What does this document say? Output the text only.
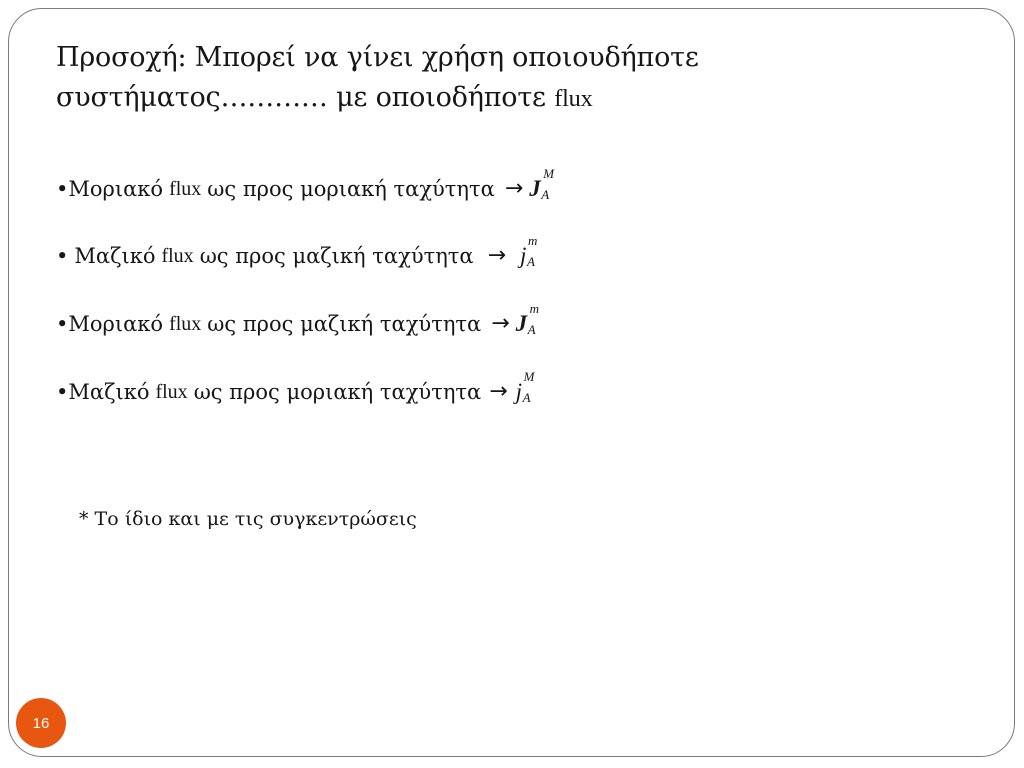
Προσοχή: Μπορεί να γίνει χρήση οποιουδήποτε
συστήματος………… με οποιοδήποτε flux
• Μοριακό flux ως προς μοριακή ταχύτητα → J
M
A
• Μαζικό flux ως προς μαζική ταχύτητα → j
m
A
• Μοριακό flux ως προς μαζική ταχύτητα → J
m
A
• Μαζικό flux ως προς μοριακή ταχύτητα → j
M
A
* Το ίδιο και με τις συγκεντρώσεις
16
